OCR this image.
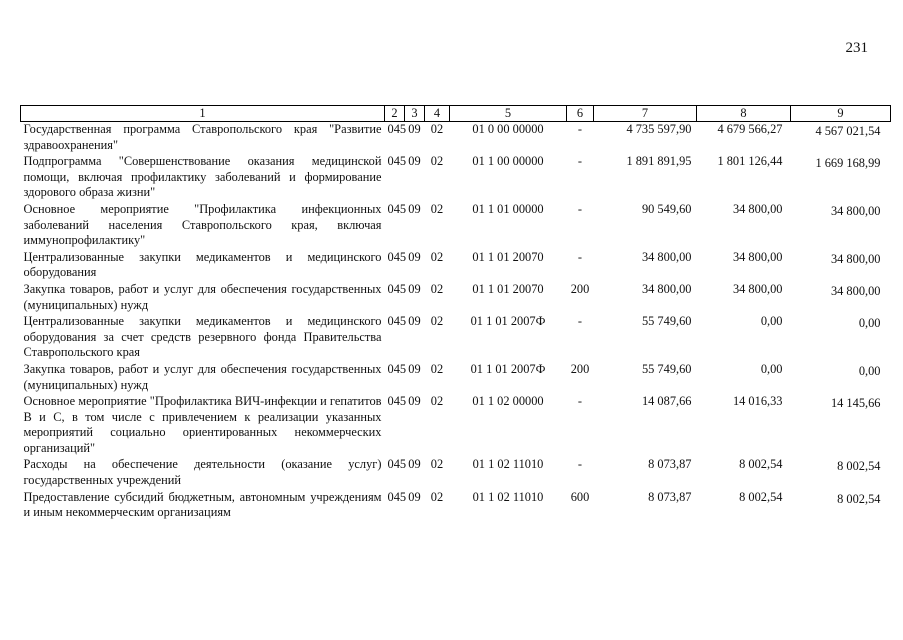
231
1	2	3	4	5	6	7	8	9
Государственная программа Ставропольского края "Развитие здравоохранения"	045	09	02	01 0 00 00000	-	4 735 597,90	4 679 566,27	4 567 021,54
Подпрограмма "Совершенствование оказания медицинской помощи, включая профилактику заболеваний и формирование здорового образа жизни"	045	09	02	01 1 00 00000	-	1 891 891,95	1 801 126,44	1 669 168,99
Основное мероприятие "Профилактика инфекционных заболеваний населения Ставропольского края, включая иммунопрофилактику"	045	09	02	01 1 01 00000	-	90 549,60	34 800,00	34 800,00
Централизованные закупки медикаментов и медицинского оборудования	045	09	02	01 1 01 20070	-	34 800,00	34 800,00	34 800,00
Закупка товаров, работ и услуг для обеспечения государственных (муниципальных) нужд	045	09	02	01 1 01 20070	200	34 800,00	34 800,00	34 800,00
Централизованные закупки медикаментов и медицинского оборудования за счет средств резервного фонда Правительства Ставропольского края	045	09	02	01 1 01 2007Ф	-	55 749,60	0,00	0,00
Закупка товаров, работ и услуг для обеспечения государственных (муниципальных) нужд	045	09	02	01 1 01 2007Ф	200	55 749,60	0,00	0,00
Основное мероприятие "Профилактика ВИЧ-инфекции и гепатитов В и С, в том числе с привлечением к реализации указанных мероприятий социально ориентированных некоммерческих организаций"	045	09	02	01 1 02 00000	-	14 087,66	14 016,33	14 145,66
Расходы на обеспечение деятельности (оказание услуг) государственных учреждений	045	09	02	01 1 02 11010	-	8 073,87	8 002,54	8 002,54
Предоставление субсидий бюджетным, автономным учреждениям и иным некоммерческим организациям	045	09	02	01 1 02 11010	600	8 073,87	8 002,54	8 002,54
